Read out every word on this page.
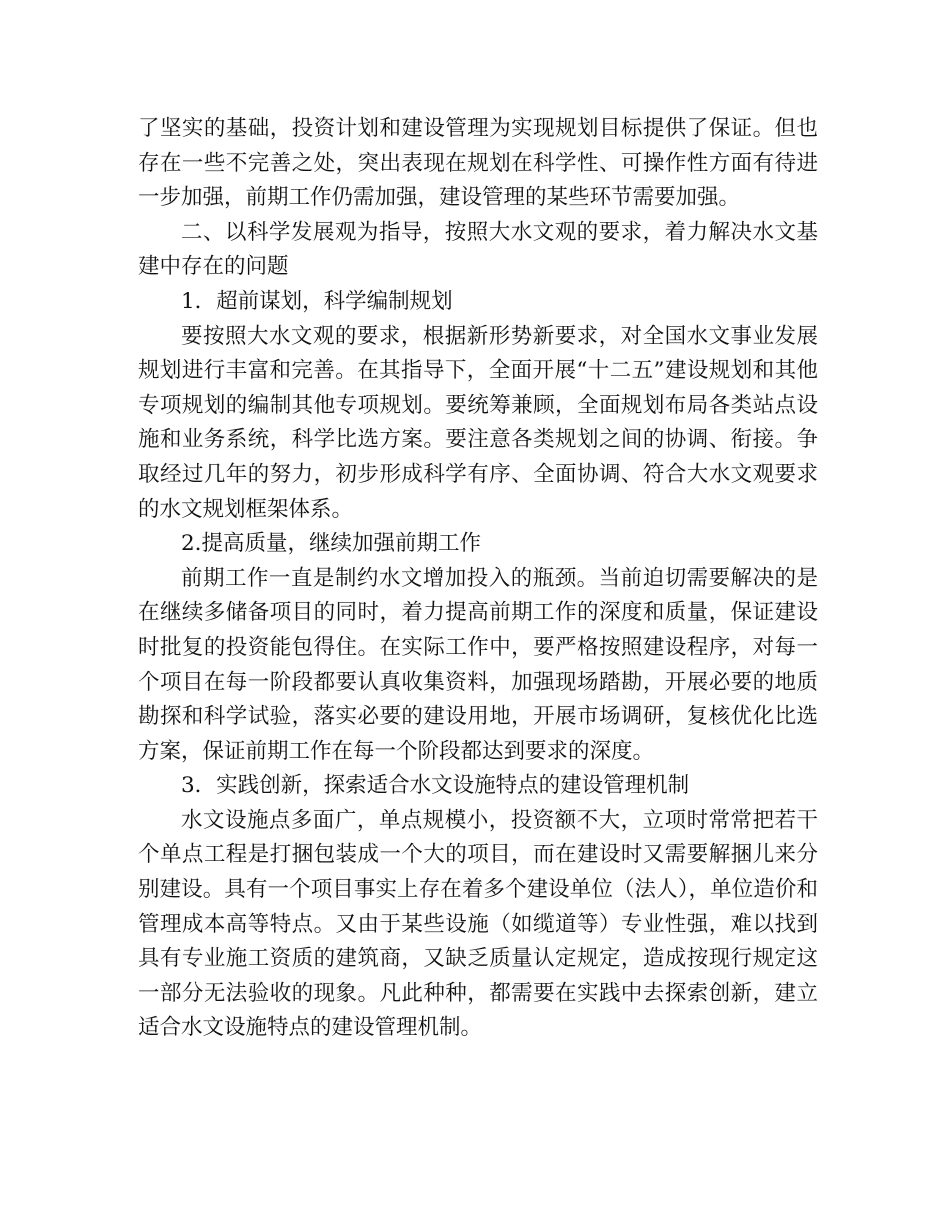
了坚实的基础，投资计划和建设管理为实现规划目标提供了保证。但也存在一些不完善之处，突出表现在规划在科学性、可操作性方面有待进一步加强，前期工作仍需加强，建设管理的某些环节需要加强。

二、以科学发展观为指导，按照大水文观的要求，着力解决水文基建中存在的问题

1．超前谋划，科学编制规划

要按照大水文观的要求，根据新形势新要求，对全国水文事业发展规划进行丰富和完善。在其指导下，全面开展“十二五”建设规划和其他专项规划的编制其他专项规划。要统筹兼顾，全面规划布局各类站点设施和业务系统，科学比选方案。要注意各类规划之间的协调、衔接。争取经过几年的努力，初步形成科学有序、全面协调、符合大水文观要求的水文规划框架体系。

2.提高质量，继续加强前期工作

前期工作一直是制约水文增加投入的瓶颈。当前迫切需要解决的是在继续多储备项目的同时，着力提高前期工作的深度和质量，保证建设时批复的投资能包得住。在实际工作中，要严格按照建设程序，对每一个项目在每一阶段都要认真收集资料，加强现场踏勘，开展必要的地质勘探和科学试验，落实必要的建设用地，开展市场调研，复核优化比选方案，保证前期工作在每一个阶段都达到要求的深度。

3．实践创新，探索适合水文设施特点的建设管理机制

水文设施点多面广，单点规模小，投资额不大，立项时常常把若干个单点工程是打捆包装成一个大的项目，而在建设时又需要解捆儿来分别建设。具有一个项目事实上存在着多个建设单位（法人），单位造价和管理成本高等特点。又由于某些设施（如缆道等）专业性强，难以找到具有专业施工资质的建筑商，又缺乏质量认定规定，造成按现行规定这一部分无法验收的现象。凡此种种，都需要在实践中去探索创新，建立适合水文设施特点的建设管理机制。
